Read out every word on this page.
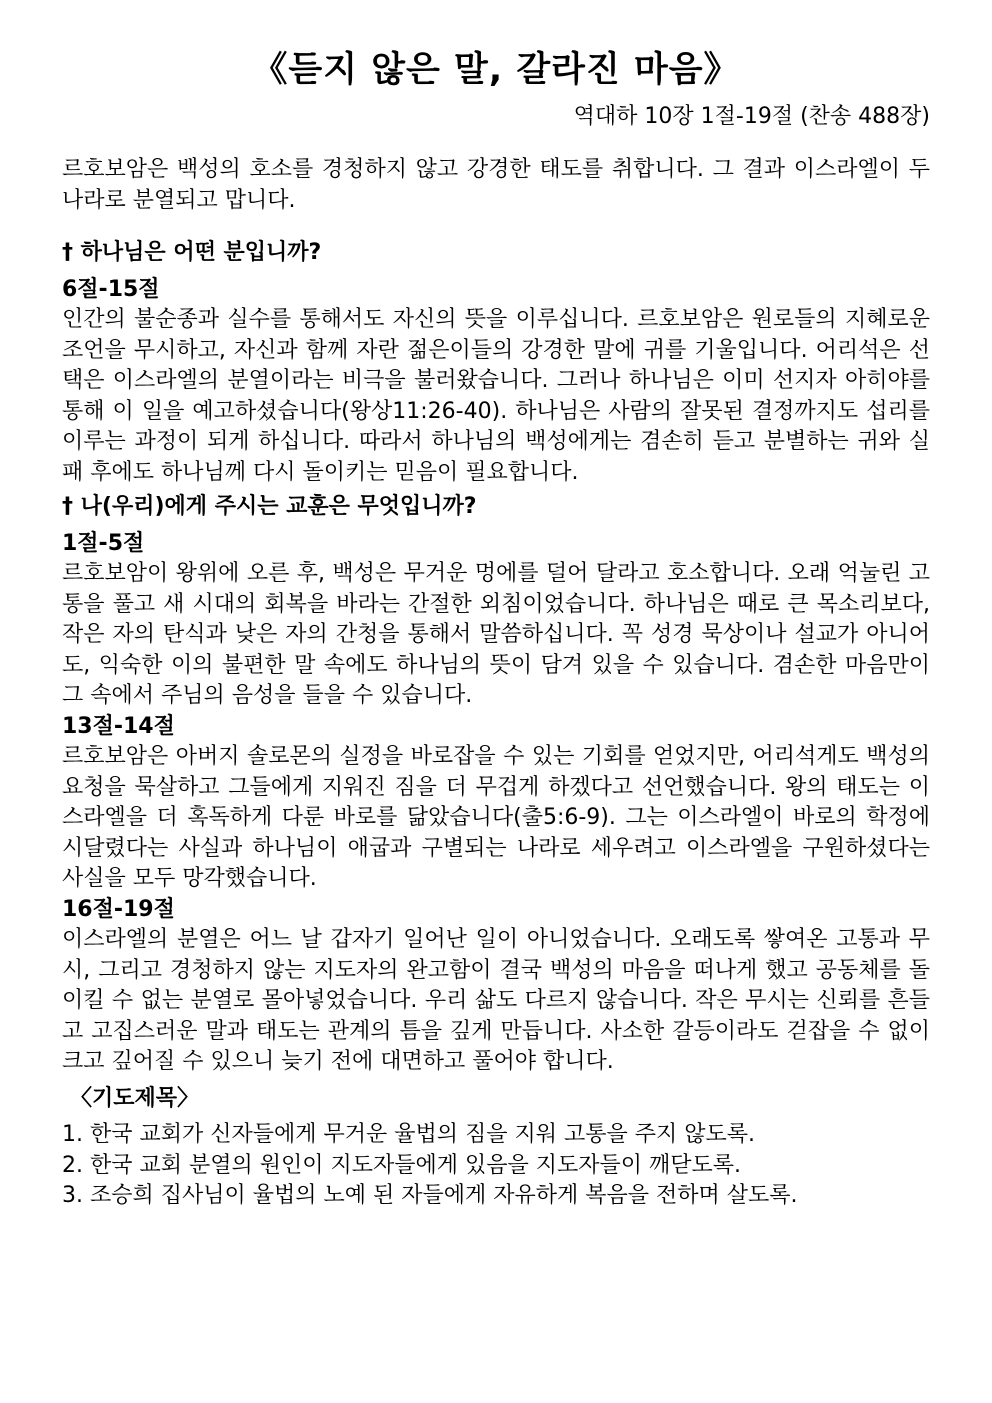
《듣지 않은 말, 갈라진 마음》
역대하 10장 1절-19절 (찬송 488장)

르호보암은 백성의 호소를 경청하지 않고 강경한 태도를 취합니다. 그 결과 이스라엘이 두 나라로 분열되고 맙니다.

† 하나님은 어떤 분입니까?
6절-15절

인간의 불순종과 실수를 통해서도 자신의 뜻을 이루십니다. 르호보암은 원로들의 지혜로운 조언을 무시하고, 자신과 함께 자란 젊은이들의 강경한 말에 귀를 기울입니다. 어리석은 선택은 이스라엘의 분열이라는 비극을 불러왔습니다. 그러나 하나님은 이미 선지자 아히야를 통해 이 일을 예고하셨습니다(왕상11:26-40). 하나님은 사람의 잘못된 결정까지도 섭리를 이루는 과정이 되게 하십니다. 따라서 하나님의 백성에게는 겸손히 듣고 분별하는 귀와 실패 후에도 하나님께 다시 돌이키는 믿음이 필요합니다.

† 나(우리)에게 주시는 교훈은 무엇입니까?
1절-5절

르호보암이 왕위에 오른 후, 백성은 무거운 멍에를 덜어 달라고 호소합니다. 오래 억눌린 고통을 풀고 새 시대의 회복을 바라는 간절한 외침이었습니다. 하나님은 때로 큰 목소리보다, 작은 자의 탄식과 낮은 자의 간청을 통해서 말씀하십니다. 꼭 성경 묵상이나 설교가 아니어도, 익숙한 이의 불편한 말 속에도 하나님의 뜻이 담겨 있을 수 있습니다. 겸손한 마음만이 그 속에서 주님의 음성을 들을 수 있습니다.

13절-14절

르호보암은 아버지 솔로몬의 실정을 바로잡을 수 있는 기회를 얻었지만, 어리석게도 백성의 요청을 묵살하고 그들에게 지워진 짐을 더 무겁게 하겠다고 선언했습니다. 왕의 태도는 이스라엘을 더 혹독하게 다룬 바로를 닮았습니다(출5:6-9). 그는 이스라엘이 바로의 학정에 시달렸다는 사실과 하나님이 애굽과 구별되는 나라로 세우려고 이스라엘을 구원하셨다는 사실을 모두 망각했습니다.

16절-19절

이스라엘의 분열은 어느 날 갑자기 일어난 일이 아니었습니다. 오래도록 쌓여온 고통과 무시, 그리고 경청하지 않는 지도자의 완고함이 결국 백성의 마음을 떠나게 했고 공동체를 돌이킬 수 없는 분열로 몰아넣었습니다. 우리 삶도 다르지 않습니다. 작은 무시는 신뢰를 흔들고 고집스러운 말과 태도는 관계의 틈을 깊게 만듭니다. 사소한 갈등이라도 걷잡을 수 없이 크고 깊어질 수 있으니 늦기 전에 대면하고 풀어야 합니다.

〈기도제목〉
1. 한국 교회가 신자들에게 무거운 율법의 짐을 지워 고통을 주지 않도록.
2. 한국 교회 분열의 원인이 지도자들에게 있음을 지도자들이 깨닫도록.
3. 조승희 집사님이 율법의 노예 된 자들에게 자유하게 복음을 전하며 살도록.
